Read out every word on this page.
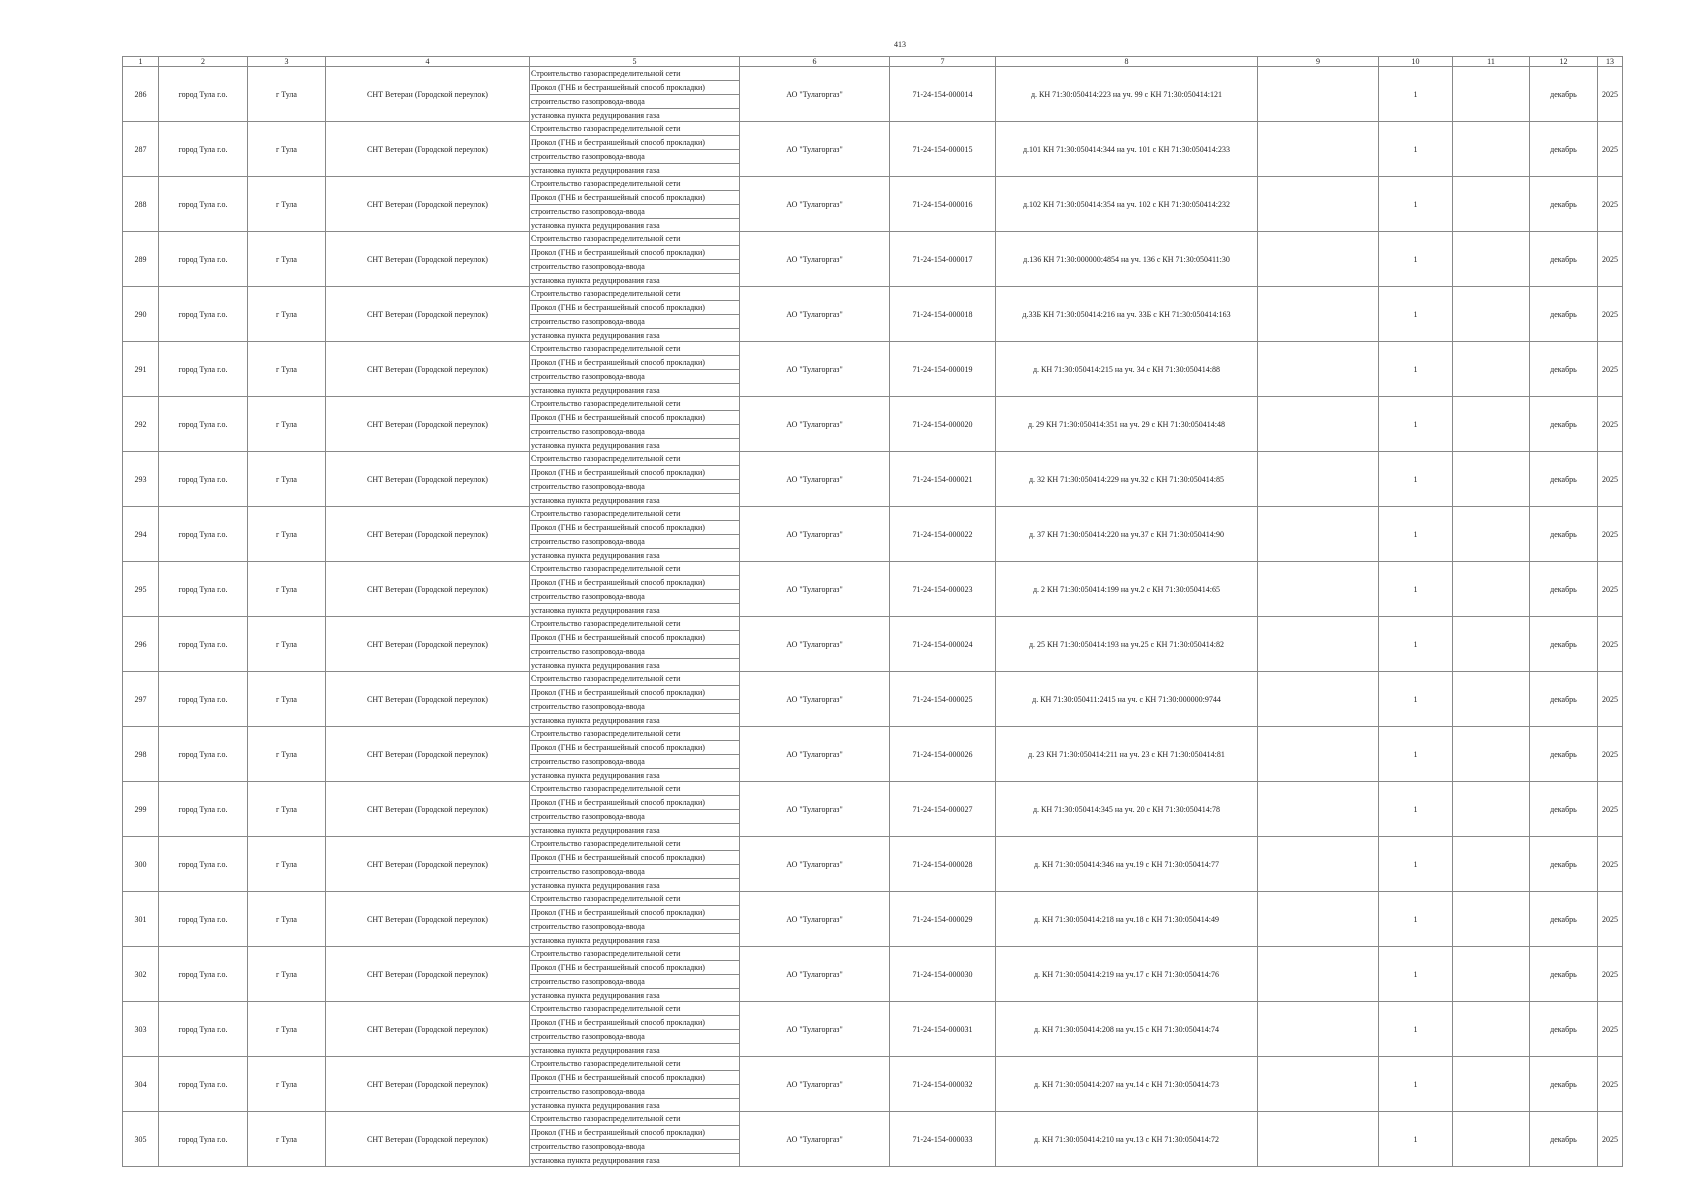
413
1	2	3	4	5	6	7	8	9	10	11	12	13
286	город Тула г.о.	г Тула	СНТ Ветеран (Городской переулок)	Строительство газораспределительной сети
Прокол (ГНБ и бестраншейный способ прокладки)
строительство газопровода-ввода
установка пункта редуцирования газа	АО "Тулагоргаз"	71-24-154-000014	д. КН 71:30:050414:223 на уч. 99 с КН 71:30:050414:121		1		декабрь	2025
287	город Тула г.о.	г Тула	СНТ Ветеран (Городской переулок)	Строительство газораспределительной сети
Прокол (ГНБ и бестраншейный способ прокладки)
строительство газопровода-ввода
установка пункта редуцирования газа	АО "Тулагоргаз"	71-24-154-000015	д.101 КН 71:30:050414:344 на уч. 101 с КН 71:30:050414:233		1		декабрь	2025
288	город Тула г.о.	г Тула	СНТ Ветеран (Городской переулок)	Строительство газораспределительной сети
Прокол (ГНБ и бестраншейный способ прокладки)
строительство газопровода-ввода
установка пункта редуцирования газа	АО "Тулагоргаз"	71-24-154-000016	д.102 КН 71:30:050414:354 на уч. 102 с КН 71:30:050414:232		1		декабрь	2025
289	город Тула г.о.	г Тула	СНТ Ветеран (Городской переулок)	Строительство газораспределительной сети
Прокол (ГНБ и бестраншейный способ прокладки)
строительство газопровода-ввода
установка пункта редуцирования газа	АО "Тулагоргаз"	71-24-154-000017	д.136 КН 71:30:000000:4854 на уч. 136 с КН 71:30:050411:30		1		декабрь	2025
290	город Тула г.о.	г Тула	СНТ Ветеран (Городской переулок)	Строительство газораспределительной сети
Прокол (ГНБ и бестраншейный способ прокладки)
строительство газопровода-ввода
установка пункта редуцирования газа	АО "Тулагоргаз"	71-24-154-000018	д.33Б КН 71:30:050414:216 на уч. 33Б с КН 71:30:050414:163		1		декабрь	2025
291	город Тула г.о.	г Тула	СНТ Ветеран (Городской переулок)	Строительство газораспределительной сети
Прокол (ГНБ и бестраншейный способ прокладки)
строительство газопровода-ввода
установка пункта редуцирования газа	АО "Тулагоргаз"	71-24-154-000019	д. КН 71:30:050414:215 на уч. 34 с КН 71:30:050414:88		1		декабрь	2025
292	город Тула г.о.	г Тула	СНТ Ветеран (Городской переулок)	Строительство газораспределительной сети
Прокол (ГНБ и бестраншейный способ прокладки)
строительство газопровода-ввода
установка пункта редуцирования газа	АО "Тулагоргаз"	71-24-154-000020	д. 29 КН 71:30:050414:351 на уч. 29 с КН 71:30:050414:48		1		декабрь	2025
293	город Тула г.о.	г Тула	СНТ Ветеран (Городской переулок)	Строительство газораспределительной сети
Прокол (ГНБ и бестраншейный способ прокладки)
строительство газопровода-ввода
установка пункта редуцирования газа	АО "Тулагоргаз"	71-24-154-000021	д. 32 КН 71:30:050414:229 на уч.32 с КН 71:30:050414:85		1		декабрь	2025
294	город Тула г.о.	г Тула	СНТ Ветеран (Городской переулок)	Строительство газораспределительной сети
Прокол (ГНБ и бестраншейный способ прокладки)
строительство газопровода-ввода
установка пункта редуцирования газа	АО "Тулагоргаз"	71-24-154-000022	д. 37 КН 71:30:050414:220 на уч.37 с КН 71:30:050414:90		1		декабрь	2025
295	город Тула г.о.	г Тула	СНТ Ветеран (Городской переулок)	Строительство газораспределительной сети
Прокол (ГНБ и бестраншейный способ прокладки)
строительство газопровода-ввода
установка пункта редуцирования газа	АО "Тулагоргаз"	71-24-154-000023	д. 2 КН 71:30:050414:199 на уч.2 с КН 71:30:050414:65		1		декабрь	2025
296	город Тула г.о.	г Тула	СНТ Ветеран (Городской переулок)	Строительство газораспределительной сети
Прокол (ГНБ и бестраншейный способ прокладки)
строительство газопровода-ввода
установка пункта редуцирования газа	АО "Тулагоргаз"	71-24-154-000024	д. 25 КН 71:30:050414:193 на уч.25 с КН 71:30:050414:82		1		декабрь	2025
297	город Тула г.о.	г Тула	СНТ Ветеран (Городской переулок)	Строительство газораспределительной сети
Прокол (ГНБ и бестраншейный способ прокладки)
строительство газопровода-ввода
установка пункта редуцирования газа	АО "Тулагоргаз"	71-24-154-000025	д. КН 71:30:050411:2415 на уч. с КН 71:30:000000:9744		1		декабрь	2025
298	город Тула г.о.	г Тула	СНТ Ветеран (Городской переулок)	Строительство газораспределительной сети
Прокол (ГНБ и бестраншейный способ прокладки)
строительство газопровода-ввода
установка пункта редуцирования газа	АО "Тулагоргаз"	71-24-154-000026	д. 23 КН 71:30:050414:211 на уч. 23 с КН 71:30:050414:81		1		декабрь	2025
299	город Тула г.о.	г Тула	СНТ Ветеран (Городской переулок)	Строительство газораспределительной сети
Прокол (ГНБ и бестраншейный способ прокладки)
строительство газопровода-ввода
установка пункта редуцирования газа	АО "Тулагоргаз"	71-24-154-000027	д. КН 71:30:050414:345 на уч. 20 с КН 71:30:050414:78		1		декабрь	2025
300	город Тула г.о.	г Тула	СНТ Ветеран (Городской переулок)	Строительство газораспределительной сети
Прокол (ГНБ и бестраншейный способ прокладки)
строительство газопровода-ввода
установка пункта редуцирования газа	АО "Тулагоргаз"	71-24-154-000028	д. КН 71:30:050414:346 на уч.19 с КН 71:30:050414:77		1		декабрь	2025
301	город Тула г.о.	г Тула	СНТ Ветеран (Городской переулок)	Строительство газораспределительной сети
Прокол (ГНБ и бестраншейный способ прокладки)
строительство газопровода-ввода
установка пункта редуцирования газа	АО "Тулагоргаз"	71-24-154-000029	д. КН 71:30:050414:218 на уч.18 с КН 71:30:050414:49		1		декабрь	2025
302	город Тула г.о.	г Тула	СНТ Ветеран (Городской переулок)	Строительство газораспределительной сети
Прокол (ГНБ и бестраншейный способ прокладки)
строительство газопровода-ввода
установка пункта редуцирования газа	АО "Тулагоргаз"	71-24-154-000030	д. КН 71:30:050414:219 на уч.17 с КН 71:30:050414:76		1		декабрь	2025
303	город Тула г.о.	г Тула	СНТ Ветеран (Городской переулок)	Строительство газораспределительной сети
Прокол (ГНБ и бестраншейный способ прокладки)
строительство газопровода-ввода
установка пункта редуцирования газа	АО "Тулагоргаз"	71-24-154-000031	д. КН 71:30:050414:208 на уч.15 с КН 71:30:050414:74		1		декабрь	2025
304	город Тула г.о.	г Тула	СНТ Ветеран (Городской переулок)	Строительство газораспределительной сети
Прокол (ГНБ и бестраншейный способ прокладки)
строительство газопровода-ввода
установка пункта редуцирования газа	АО "Тулагоргаз"	71-24-154-000032	д. КН 71:30:050414:207 на уч.14 с КН 71:30:050414:73		1		декабрь	2025
305	город Тула г.о.	г Тула	СНТ Ветеран (Городской переулок)	Строительство газораспределительной сети
Прокол (ГНБ и бестраншейный способ прокладки)
строительство газопровода-ввода
установка пункта редуцирования газа	АО "Тулагоргаз"	71-24-154-000033	д. КН 71:30:050414:210 на уч.13 с КН 71:30:050414:72		1		декабрь	2025
